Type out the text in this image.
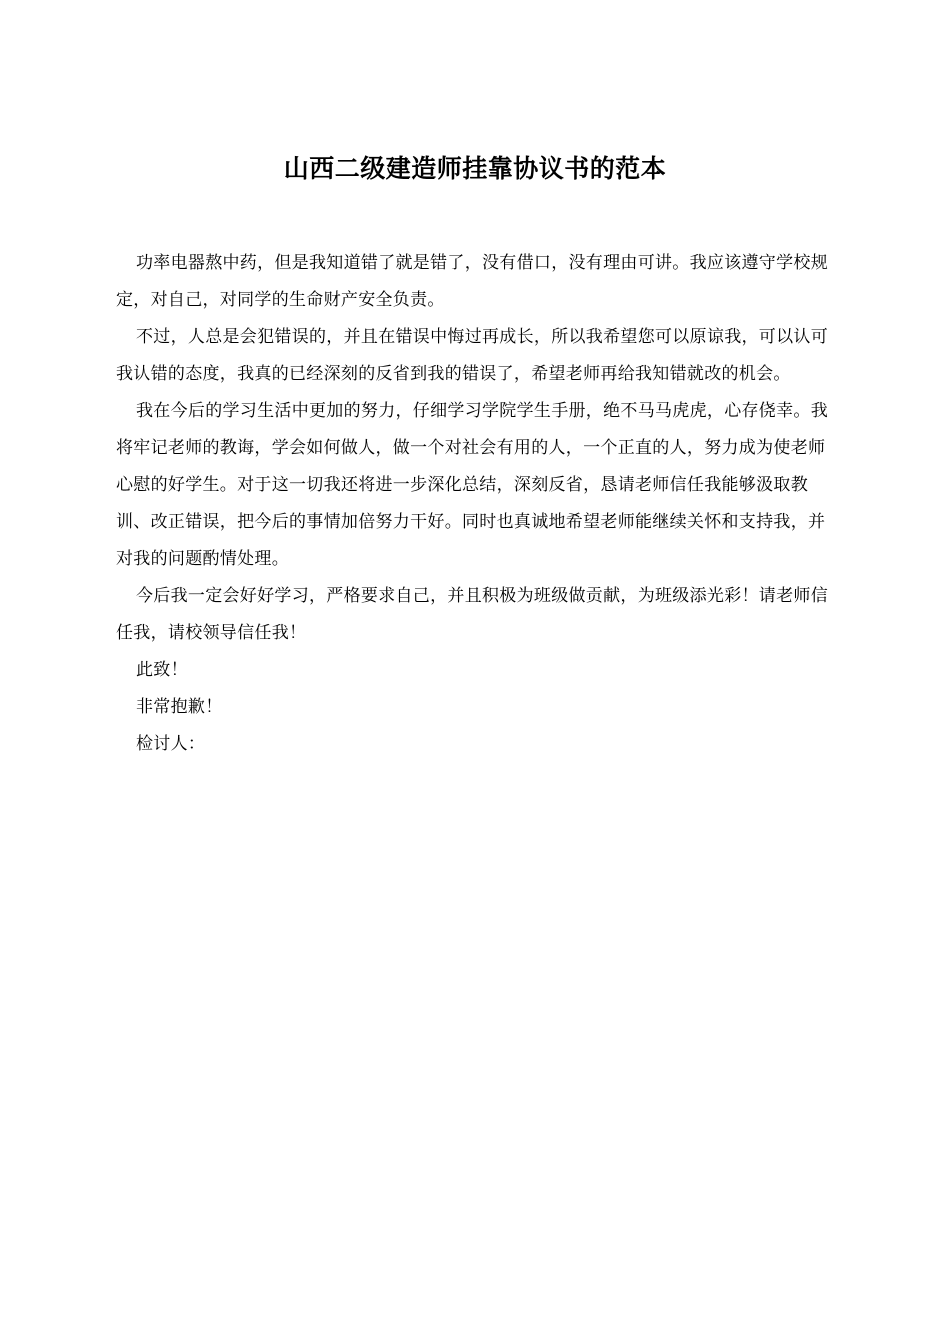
山西二级建造师挂靠协议书的范本

功率电器熬中药，但是我知道错了就是错了，没有借口，没有理由可讲。我应该遵守学校规定，对自己，对同学的生命财产安全负责。

不过，人总是会犯错误的，并且在错误中悔过再成长，所以我希望您可以原谅我，可以认可我认错的态度，我真的已经深刻的反省到我的错误了，希望老师再给我知错就改的机会。

我在今后的学习生活中更加的努力，仔细学习学院学生手册，绝不马马虎虎，心存侥幸。我将牢记老师的教诲，学会如何做人，做一个对社会有用的人，一个正直的人，努力成为使老师心慰的好学生。对于这一切我还将进一步深化总结，深刻反省，恳请老师信任我能够汲取教训、改正错误，把今后的事情加倍努力干好。同时也真诚地希望老师能继续关怀和支持我，并对我的问题酌情处理。

今后我一定会好好学习，严格要求自己，并且积极为班级做贡献，为班级添光彩！请老师信任我，请校领导信任我！

此致！

非常抱歉！

检讨人：
